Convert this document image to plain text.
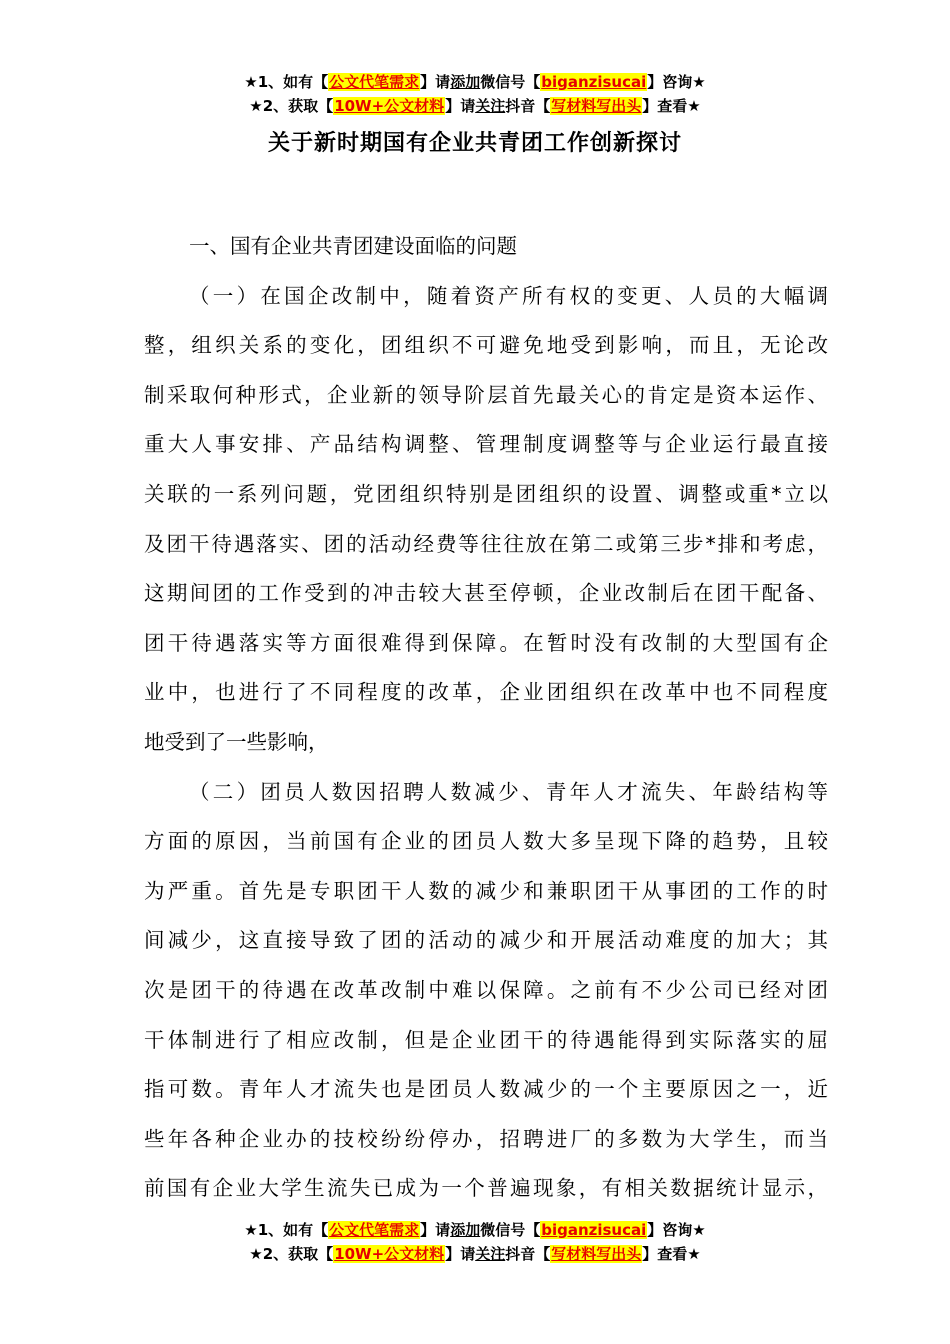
★1、如有【公文代笔需求】请添加微信号【biganzisucai】咨询★
★2、获取【10W+公文材料】请关注抖音【写材料写出头】查看★
关于新时期国有企业共青团工作创新探讨

一、国有企业共青团建设面临的问题

（一）在国企改制中，随着资产所有权的变更、人员的大幅调
整，组织关系的变化，团组织不可避免地受到影响，而且，无论改
制采取何种形式，企业新的领导阶层首先最关心的肯定是资本运作、
重大人事安排、产品结构调整、管理制度调整等与企业运行最直接
关联的一系列问题，党团组织特别是团组织的设置、调整或重*立以
及团干待遇落实、团的活动经费等往往放在第二或第三步*排和考虑，
这期间团的工作受到的冲击较大甚至停顿，企业改制后在团干配备、
团干待遇落实等方面很难得到保障。在暂时没有改制的大型国有企
业中，也进行了不同程度的改革，企业团组织在改革中也不同程度
地受到了一些影响，
（二）团员人数因招聘人数减少、青年人才流失、年龄结构等
方面的原因，当前国有企业的团员人数大多呈现下降的趋势，且较
为严重。首先是专职团干人数的减少和兼职团干从事团的工作的时
间减少，这直接导致了团的活动的减少和开展活动难度的加大；其
次是团干的待遇在改革改制中难以保障。之前有不少公司已经对团
干体制进行了相应改制，但是企业团干的待遇能得到实际落实的屈
指可数。青年人才流失也是团员人数减少的一个主要原因之一，近
些年各种企业办的技校纷纷停办，招聘进厂的多数为大学生，而当
前国有企业大学生流失已成为一个普遍现象，有相关数据统计显示，
★1、如有【公文代笔需求】请添加微信号【biganzisucai】咨询★
★2、获取【10W+公文材料】请关注抖音【写材料写出头】查看★
